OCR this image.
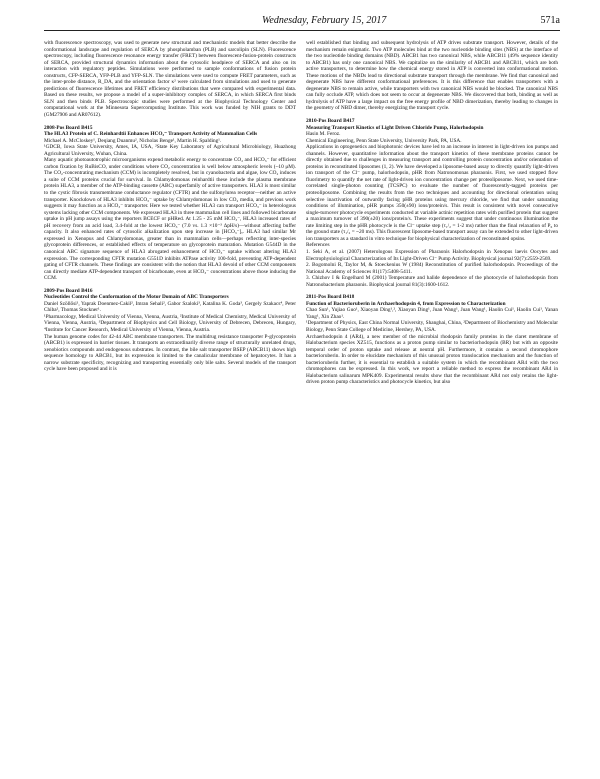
Wednesday, February 15, 2017	571a

with fluorescence spectroscopy, was used to generate new structural and mechanistic models that better describe the conformational landscape and regulation of SERCA by phospholamban (PLB) and sarcolipin (SLN). Fluorescence spectroscopy, including fluorescence resonance energy transfer (FRET) between fluorescent-fusion-protein constructs of SERCA, provided structural dynamics information about the cytosolic headpiece of SERCA and also on its interaction with regulatory peptides. Simulations were performed to sample conformations of fusion protein constructs, CFP-SERCA, YFP-PLB and YFP-SLN. The simulations were used to compute FRET parameters, such as the inter-probe distance, R_DA, and the orientation factor κ² were calculated from simulations and used to generate predictions of fluorescence lifetimes and FRET efficiency distributions that were compared with experimental data. Based on these results, we propose a model of a super-inhibitory complex of SERCA, in which SERCA first binds SLN and then binds PLB. Spectroscopic studies were performed at the Biophysical Technology Center and computational work at the Minnesota Supercomputing Institute. This work was funded by NIH grants to DDT (GM27906 and AR07612).

2808-Pos Board B415

The HLA3 Protein of C. Reinhardtii Enhances HCO₃⁻ Transport Activity of Mammalian Cells

Michael A. McCloskey¹, Deqiang Duanmu², Nicholas Benge¹, Martin H. Spalding¹.

¹GDCB, Iowa State University, Ames, IA, USA, ²State Key Laboratory of Agricultural Microbiology, Huazhong Agricultural University, Wuhan, China.

Many aquatic photoautotrophic microorganisms expend metabolic energy to concentrate CO₂ and HCO₃⁻ for efficient carbon fixation by RuBisCO, under conditions where CO₂ concentration is well below atmospheric levels (~10 μM). The CO₂-concentrating mechanism (CCM) is incompletely resolved, but in cyanobacteria and algae, low CO₂ induces a suite of CCM proteins crucial for survival. In Chlamydomonas reinhardtii these include the plasma membrane protein HLA3, a member of the ATP-binding cassette (ABC) superfamily of active transporters. HLA3 is most similar to the cystic fibrosis transmembrane conductance regulator (CFTR) and the sulfonylurea receptor—neither an active transporter. Knockdown of HLA3 inhibits HCO₃⁻ uptake by Chlamydomonas in low CO₂ media, and previous work suggests it may function as a HCO₃⁻ transporter. Here we tested whether HLA3 can transport HCO₃⁻ in heterologous systems lacking other CCM components. We expressed HLA3 in three mammalian cell lines and followed bicarbonate uptake in pH jump assays using the reporters BCECF or pHRed. At 1.25 - 25 mM HCO₃⁻, HLA3 increased rates of pH recovery from an acid load, 3.4-fold at the lowest HCO₃⁻ (7.0 vs. 1.3 ×10⁻³ ΔpH/s)—without affecting buffer capacity. It also enhanced rates of cytosolic alkalization upon step increase in [HCO₃⁻]ₒ. HLA3 had similar Mr expressed in Xenopus and Chlamydomonas, greater than in mammalian cells—perhaps reflecting inter-species glycoprotein differences, or established effects of temperature on glycoprotein maturation. Mutation G544D in the canonical ABC signature sequence of HLA3 abrogated enhancement of HCO₃⁻ uptake without altering HLA3 expression. The corresponding CFTR mutation G551D inhibits ATPase activity 100-fold, preventing ATP-dependent gating of CFTR channels. These findings are consistent with the notion that HLA3 devoid of other CCM components can directly mediate ATP-dependent transport of bicarbonate, even at HCO₃⁻ concentrations above those inducing the CCM.

2809-Pos Board B416

Nucleotides Control the Conformation of the Motor Domain of ABC Transporters

Daniel Szöllősi¹, Yaprak Doenmez-Cakil², Imran Sehali², Gabor Szaloki³, Katalina K. Goda³, Gergely Szakacs⁴, Peter Chiba², Thomas Stockner¹.

¹Pharmacology, Medical University of Vienna, Vienna, Austria, ²Institute of Medical Chemistry, Medical University of Vienna, Vienna, Austria, ³Department of Biophysics and Cell Biology, University of Debrecen, Debrecen, Hungary, ⁴Institute for Cancer Research, Medical University of Vienna, Vienna, Austria.

The human genome codes for 42-44 ABC membrane transporters. The multidrug resistance transporter P-glycoprotein (ABCB1) is expressed in barrier tissues. It transports an extraordinarily diverse range of structurally unrelated drugs, xenobiotics compounds and endogenous substrates. In contrast, the bile salt transporter BSEP (ABCB11) shows high sequence homology to ABCB1, but its expression is limited to the canalicular membrane of hepatocytes. It has a narrow substrate specificity, recognizing and transporting essentially only bile salts. Several models of the transport cycle have been proposed and it is

well established that binding and subsequent hydrolysis of ATP drives substrate transport. However, details of the mechanism remain enigmatic. Two ATP molecules bind at the two nucleotide binding sites (NBS) at the interface of the two nucleotide binding domains (NBD). ABCB1 has two canonical NBS, while ABCB11 (49% sequence identity to ABCB1) has only one canonical NBS. We capitalize on the similarity of ABCB1 and ABCB11, which are both active transporters, to determine how the chemical energy stored in ATP is converted into conformational motion. These motions of the NBDs lead to directional substrate transport through the membrane. We find that canonical and degenerate NBS have different conformational preferences. It is this difference that enables transporters with a degenerate NBS to remain active, while transporters with two canonical NBS would be blocked. The canonical NBS can fully occlude ATP, which does not seem to occur at degenerate NBS. We discovered that both, binding as well as hydrolysis of ATP have a large impact on the free energy profile of NBD dimerization, thereby leading to changes in the geometry of NBD dimer, thereby energizing the transport cycle.

2810-Pos Board B417

Measuring Transport Kinetics of Light Driven Chloride Pump, Halorhodopsin

Hasin M. Feroz.

Chemical Engineering, Penn State University, University Park, PA, USA.

Applications in optogenetics and biophotonic devices have led to an increase in interest in light-driven ion pumps and channels. However, quantitative information about the transport kinetics of these membrane proteins cannot be directly obtained due to challenges in measuring transport and controlling protein concentration and/or orientation of proteins in reconstituted liposomes (1, 2). We have developed a liposome-based assay to directly quantify light-driven ion transport of the Cl⁻ pump, halorhodopsin, pHR from Natronomonas pharaonis. First, we used stopped flow fluorimetry to quantify the net rate of light-driven ion concentration change per proteoliposome. Next, we used time-correlated single-photon counting (TCSPC) to evaluate the number of fluorescently-tagged proteins per proteoliposome. Combining the results from the two techniques and accounting for directional orientation using selective inactivation of outwardly facing pHR proteins using mercury chloride, we find that under saturating conditions of illumination, pHR pumps 350(±90) ions/protein/s. This result is consistent with novel consecutive single-turnover photocycle experiments conducted at variable actinic repetition rates with purified protein that suggest a maximum turnover of 390(±20) ions/protein/s. These experiments suggest that under continuous illumination the rate limiting step in the pHR photocycle is the Cl⁻ uptake step (τ₁/₂ = 1-2 ms) rather than the final relaxation of P₆ to the ground state (τ₁/₂ = ~20 ms). This fluorescent liposome-based transport assay can be extended to other light-driven ion transporters as a standard in vitro technique for biophysical characterization of reconstituted opsins.

References

1. Seki A, et al. (2007) Heterologous Expression of Pharaonis Halorhodopsin in Xenopus laevis Oocytes and Electrophysiological Characterization of Its Light-Driven Cl⁻ Pump Activity. Biophysical journal 92(7):2559-2569.

2. Bogomolni R, Taylor M, & Stoeckenius W (1984) Reconstitution of purified halorhodopsin. Proceedings of the National Academy of Sciences 81(17):5408-5411.

3. Chizhov I & Engelhard M (2001) Temperature and halide dependence of the photocycle of halorhodopsin from Natronobacterium pharaonis. Biophysical journal 81(3):1600-1612.

2811-Pos Board B418

Function of Bacterioruberin in Archaerhodopsin 4, from Expression to Characterization

Chao Sun¹, Yujiao Guo¹, Xiaoyan Ding¹,², Xiaoyan Ding¹, Juan Wang¹, Juan Wang¹, Haolin Cui¹, Haolin Cui¹, Yanan Yang¹, Xin Zhao¹.

¹Department of Physics, East China Normal University, Shanghai, China, ²Department of Biochemistry and Molecular Biology, Penn State College of Medicine, Hershey, PA, USA.

Archaerhodopsin 4 (AR4), a new member of the microbial rhodopsin family proteins in the claret membrane of Halobacterium species XZ515, functions as a proton pump similar to bacteriorhodopsin (BR) but with an opposite temporal order of proton uptake and release at neutral pH. Furthermore, it contains a second chromophore bacterioruberin. In order to elucidate mechanism of this unusual proton translocation mechanism and the function of bacterioruberin further, it is essential to establish a suitable system in which the recombinant AR4 with the two chromophores can be expressed. In this work, we report a reliable method to express the recombinant AR4 in Halobacterium salinarum MPK409. Experimental results show that the recombinant AR4 not only retains the light-driven proton pump characteristics and photocycle kinetics, but also
